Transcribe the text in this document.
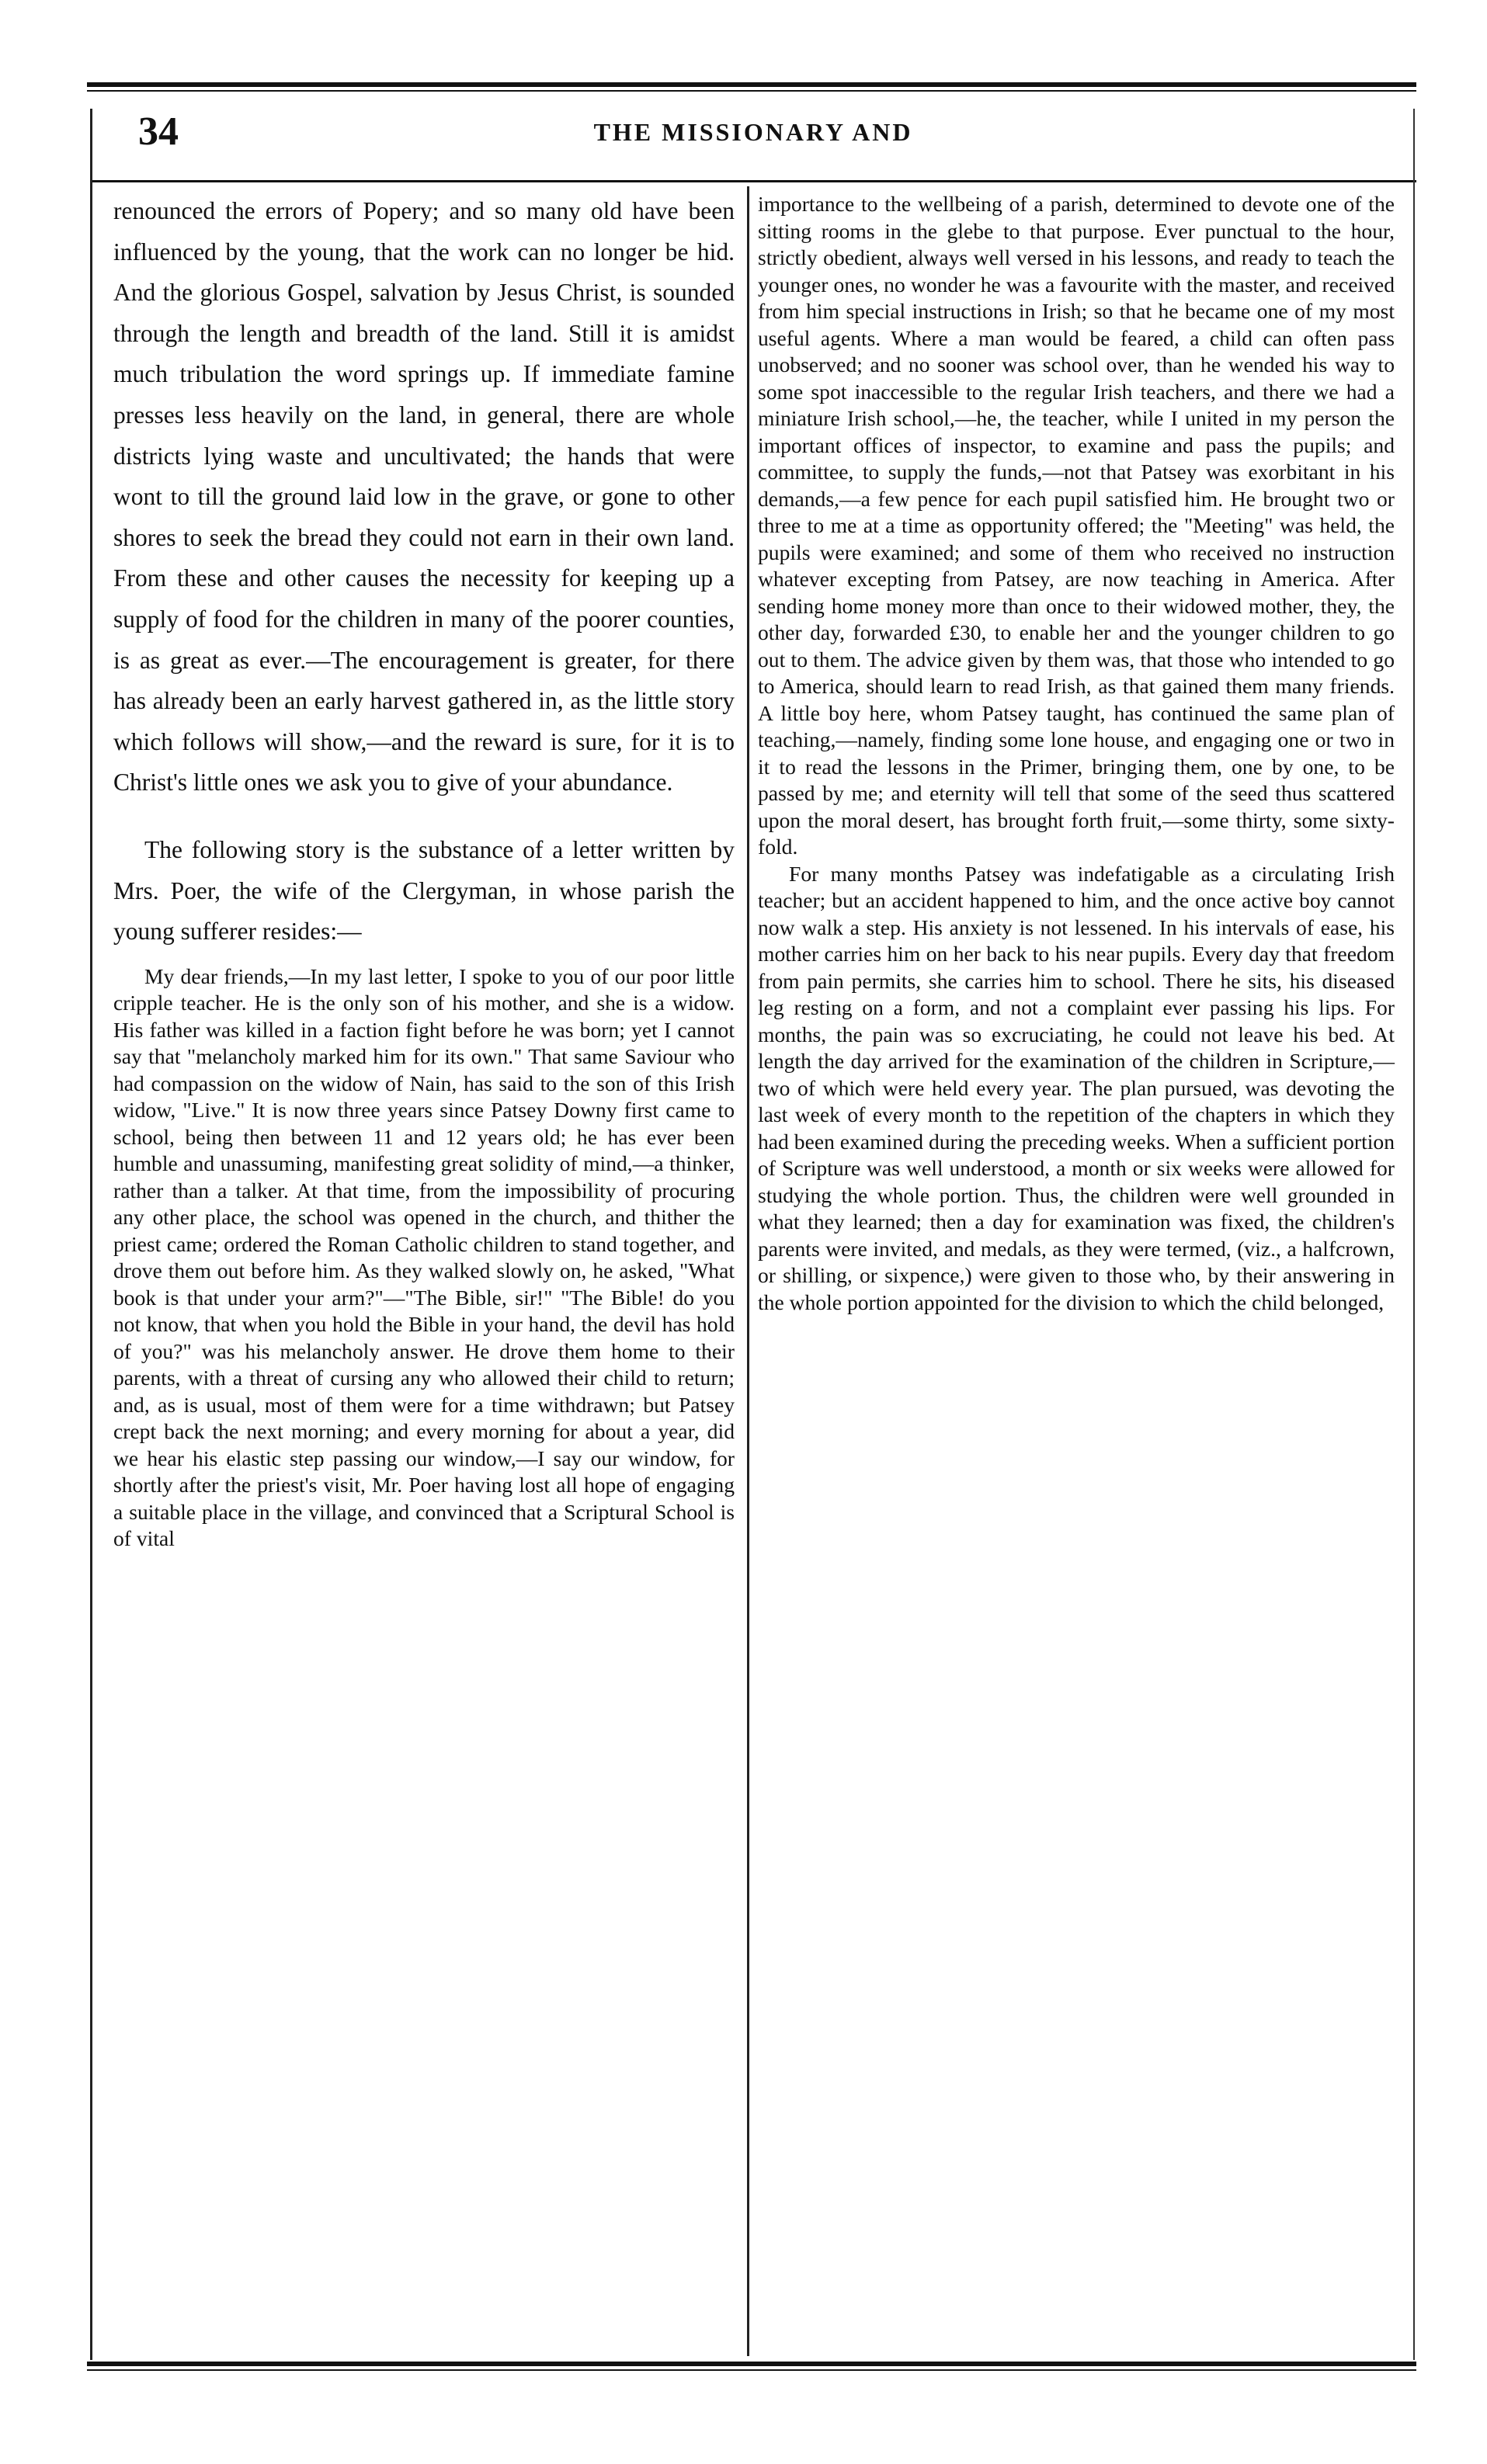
34	THE MISSIONARY AND

renounced the errors of Popery; and so many old have been influenced by the young, that the work can no longer be hid. And the glorious Gospel, salvation by Jesus Christ, is sounded through the length and breadth of the land. Still it is amidst much tribulation the word springs up. If immediate famine presses less heavily on the land, in general, there are whole districts lying waste and uncultivated; the hands that were wont to till the ground laid low in the grave, or gone to other shores to seek the bread they could not earn in their own land. From these and other causes the necessity for keeping up a supply of food for the children in many of the poorer counties, is as great as ever.—The encouragement is greater, for there has already been an early harvest gathered in, as the little story which follows will show,—and the reward is sure, for it is to Christ's little ones we ask you to give of your abundance.

The following story is the substance of a letter written by Mrs. Poer, the wife of the Clergyman, in whose parish the young sufferer resides:—

My dear friends,—In my last letter, I spoke to you of our poor little cripple teacher. He is the only son of his mother, and she is a widow. His father was killed in a faction fight before he was born; yet I cannot say that "melancholy marked him for its own." That same Saviour who had compassion on the widow of Nain, has said to the son of this Irish widow, "Live." It is now three years since Patsey Downy first came to school, being then between 11 and 12 years old; he has ever been humble and unassuming, manifesting great solidity of mind,—a thinker, rather than a talker. At that time, from the impossibility of procuring any other place, the school was opened in the church, and thither the priest came; ordered the Roman Catholic children to stand together, and drove them out before him. As they walked slowly on, he asked, "What book is that under your arm?"—"The Bible, sir!" "The Bible! do you not know, that when you hold the Bible in your hand, the devil has hold of you?" was his melancholy answer. He drove them home to their parents, with a threat of cursing any who allowed their child to return; and, as is usual, most of them were for a time withdrawn; but Patsey crept back the next morning; and every morning for about a year, did we hear his elastic step passing our window,—I say our window, for shortly after the priest's visit, Mr. Poer having lost all hope of engaging a suitable place in the village, and convinced that a Scriptural School is of vital

importance to the wellbeing of a parish, determined to devote one of the sitting rooms in the glebe to that purpose. Ever punctual to the hour, strictly obedient, always well versed in his lessons, and ready to teach the younger ones, no wonder he was a favourite with the master, and received from him special instructions in Irish; so that he became one of my most useful agents. Where a man would be feared, a child can often pass unobserved; and no sooner was school over, than he wended his way to some spot inaccessible to the regular Irish teachers, and there we had a miniature Irish school,—he, the teacher, while I united in my person the important offices of inspector, to examine and pass the pupils; and committee, to supply the funds,—not that Patsey was exorbitant in his demands,—a few pence for each pupil satisfied him. He brought two or three to me at a time as opportunity offered; the "Meeting" was held, the pupils were examined; and some of them who received no instruction whatever excepting from Patsey, are now teaching in America. After sending home money more than once to their widowed mother, they, the other day, forwarded £30, to enable her and the younger children to go out to them. The advice given by them was, that those who intended to go to America, should learn to read Irish, as that gained them many friends. A little boy here, whom Patsey taught, has continued the same plan of teaching,—namely, finding some lone house, and engaging one or two in it to read the lessons in the Primer, bringing them, one by one, to be passed by me; and eternity will tell that some of the seed thus scattered upon the moral desert, has brought forth fruit,—some thirty, some sixty-fold.

For many months Patsey was indefatigable as a circulating Irish teacher; but an accident happened to him, and the once active boy cannot now walk a step. His anxiety is not lessened. In his intervals of ease, his mother carries him on her back to his near pupils. Every day that freedom from pain permits, she carries him to school. There he sits, his diseased leg resting on a form, and not a complaint ever passing his lips. For months, the pain was so excruciating, he could not leave his bed. At length the day arrived for the examination of the children in Scripture,—two of which were held every year. The plan pursued, was devoting the last week of every month to the repetition of the chapters in which they had been examined during the preceding weeks. When a sufficient portion of Scripture was well understood, a month or six weeks were allowed for studying the whole portion. Thus, the children were well grounded in what they learned; then a day for examination was fixed, the children's parents were invited, and medals, as they were termed, (viz., a halfcrown, or shilling, or sixpence,) were given to those who, by their answering in the whole portion appointed for the division to which the child belonged,
